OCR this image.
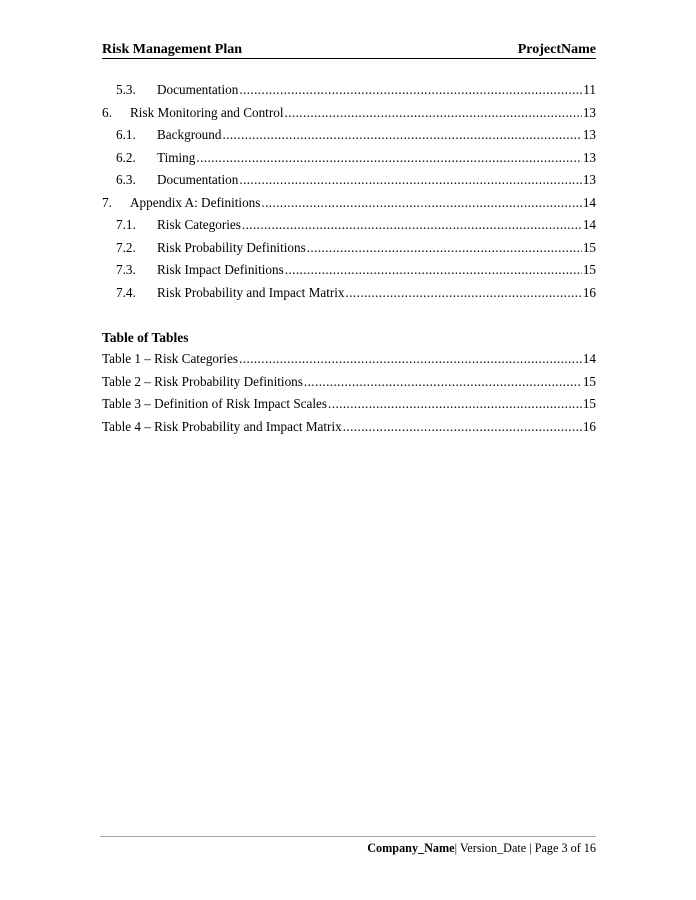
Risk Management Plan	ProjectName
5.3.	Documentation .....	11
6.	Risk Monitoring and Control .....	13
6.1.	Background .....	13
6.2.	Timing .....	13
6.3.	Documentation .....	13
7.	Appendix A: Definitions .....	14
7.1.	Risk Categories .....	14
7.2.	Risk Probability Definitions .....	15
7.3.	Risk Impact Definitions .....	15
7.4.	Risk Probability and Impact Matrix .....	16
Table of Tables
Table 1 – Risk Categories .....	14
Table 2 – Risk Probability Definitions .....	15
Table 3 – Definition of Risk Impact Scales .....	15
Table 4 – Risk Probability and Impact Matrix .....	16
Company_Name| Version_Date | Page 3 of 16
